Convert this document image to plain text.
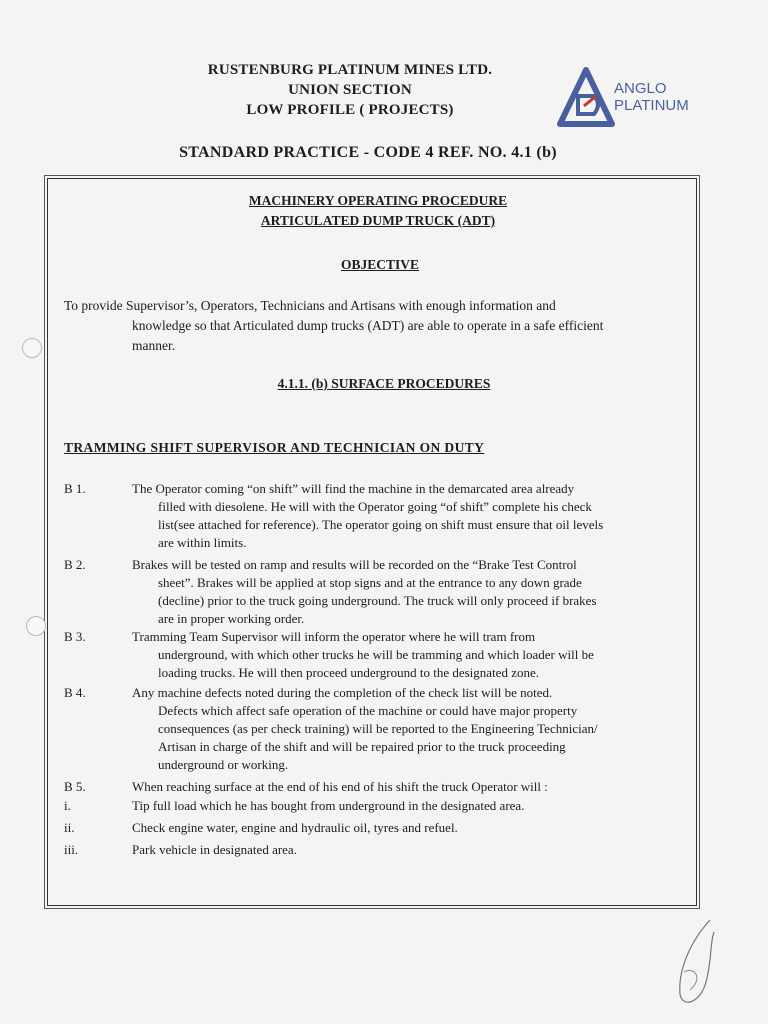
RUSTENBURG PLATINUM MINES LTD.
UNION SECTION
LOW PROFILE ( PROJECTS)
STANDARD PRACTICE - CODE 4 REF. NO. 4.1 (b)
ANGLO
PLATINUM
MACHINERY OPERATING PROCEDURE
ARTICULATED DUMP TRUCK (ADT)
OBJECTIVE
To provide Supervisor’s, Operators, Technicians and Artisans with enough information and
knowledge so that Articulated dump trucks (ADT) are able to operate in a safe efficient
manner.
4.1.1. (b) SURFACE PROCEDURES
TRAMMING SHIFT SUPERVISOR AND TECHNICIAN ON DUTY
B 1.	The Operator coming “on shift” will find the machine in the demarcated area already
filled with diesolene. He will with the Operator going “of shift” complete his check
list(see attached for reference). The operator going on shift must ensure that oil levels
are within limits.
B 2.	Brakes will be tested on ramp and results will be recorded on the “Brake Test Control
sheet”. Brakes will be applied at stop signs and at the entrance to any down grade
(decline) prior to the truck going underground. The truck will only proceed if brakes
are in proper working order.
B 3.	Tramming Team Supervisor will inform the operator where he will tram from
underground, with which other trucks he will be tramming and which loader will be
loading trucks. He will then proceed underground to the designated zone.
B 4.	Any machine defects noted during the completion of the check list will be noted.
Defects which affect safe operation of the machine or could have major property
consequences (as per check training) will be reported to the Engineering Technician/
Artisan in charge of the shift and will be repaired prior to the truck proceeding
underground or working.
B 5.	When reaching surface at the end of his end of his shift the truck Operator will :
i.	Tip full load which he has bought from underground in the designated area.
ii.	Check engine water, engine and hydraulic oil, tyres and refuel.
iii.	Park vehicle in designated area.
